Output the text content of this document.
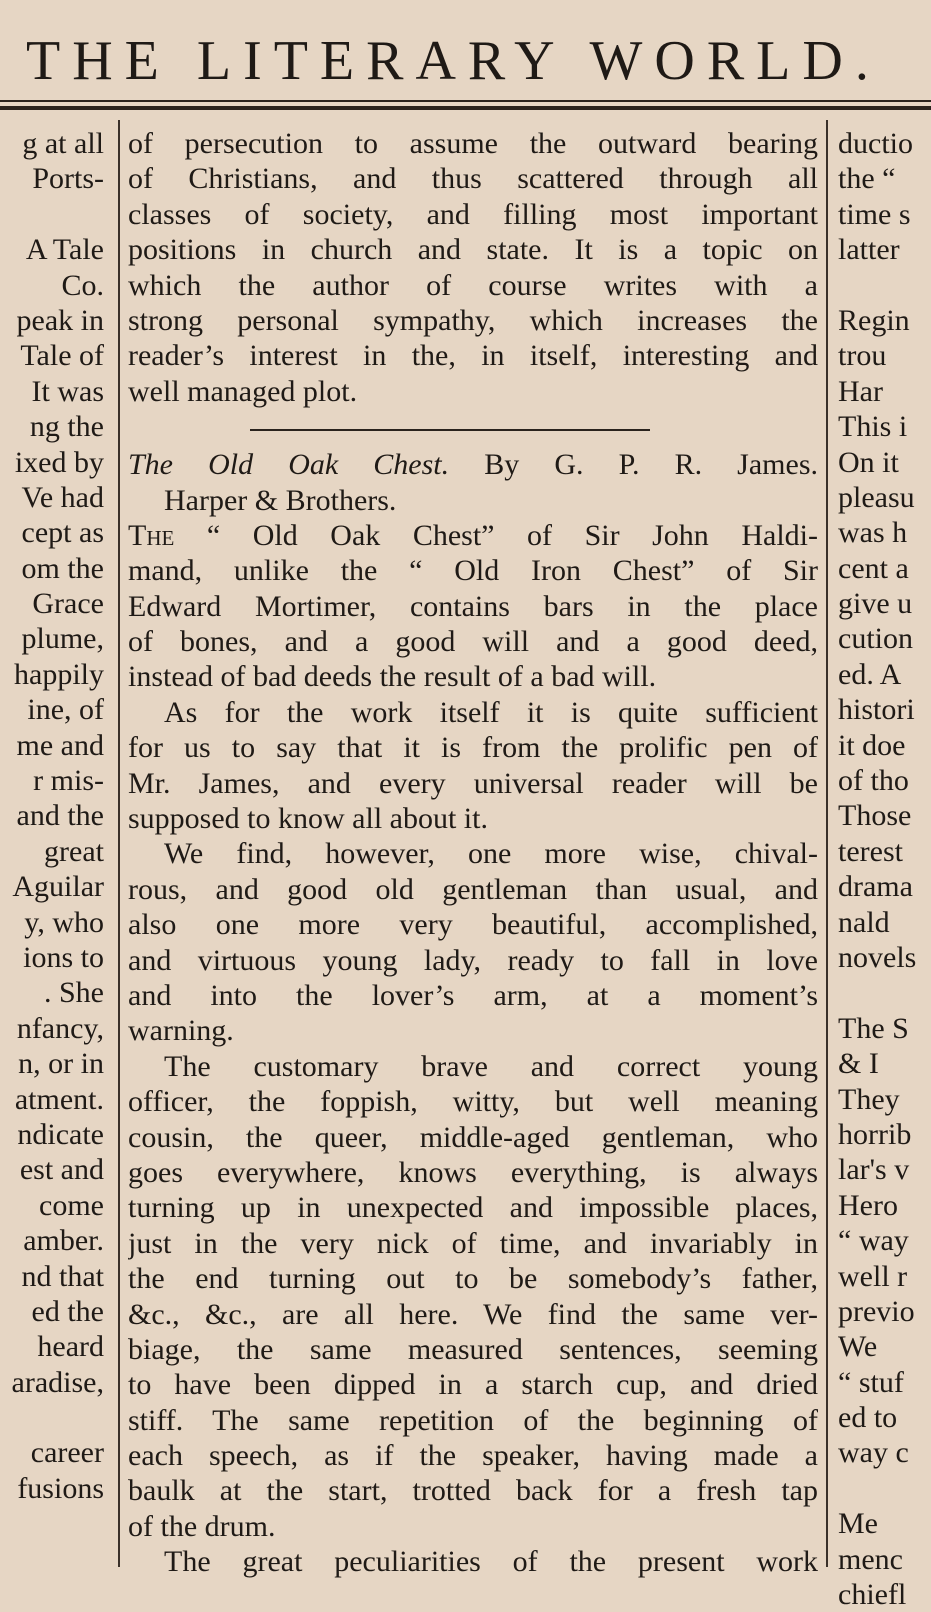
THE LITERARY WORLD.
g at all
Ports-
A Tale
Co.
peak in
Tale of
It was
ng the
ixed by
Ve had
cept as
om the
Grace
plume,
happily
ine, of
me and
r mis-
and the
great
Aguilar
y, who
ions to
. She
nfancy,
n, or in
atment.
ndicate
est and
come
amber.
nd that
ed the
heard
aradise,
career
fusions
of persecution to assume the outward bearing
of Christians, and thus scattered through all
classes of society, and filling most important
positions in church and state. It is a topic on
which the author of course writes with a
strong personal sympathy, which increases the
reader’s interest in the, in itself, interesting and
well managed plot.
The Old Oak Chest. By G. P. R. James.
Harper & Brothers.
The “ Old Oak Chest” of Sir John Haldi-
mand, unlike the “ Old Iron Chest” of Sir
Edward Mortimer, contains bars in the place
of bones, and a good will and a good deed,
instead of bad deeds the result of a bad will.
As for the work itself it is quite sufficient
for us to say that it is from the prolific pen of
Mr. James, and every universal reader will be
supposed to know all about it.
We find, however, one more wise, chival-
rous, and good old gentleman than usual, and
also one more very beautiful, accomplished,
and virtuous young lady, ready to fall in love
and into the lover’s arm, at a moment’s
warning.
The customary brave and correct young
officer, the foppish, witty, but well meaning
cousin, the queer, middle-aged gentleman, who
goes everywhere, knows everything, is always
turning up in unexpected and impossible places,
just in the very nick of time, and invariably in
the end turning out to be somebody’s father,
&c., &c., are all here. We find the same ver-
biage, the same measured sentences, seeming
to have been dipped in a starch cup, and dried
stiff. The same repetition of the beginning of
each speech, as if the speaker, having made a
baulk at the start, trotted back for a fresh tap
of the drum.
The great peculiarities of the present work
ductio
the “
time s
latter
Regin
trou
Har
This i
On it
pleasu
was h
cent a
give u
cution
ed. A
histori
it doe
of tho
Those
terest
drama
nald
novels
The S
& I
They
horrib
lar's v
Hero
“ way
well r
previo
We
“ stuf
ed to
way c
Me
menc
chiefl
